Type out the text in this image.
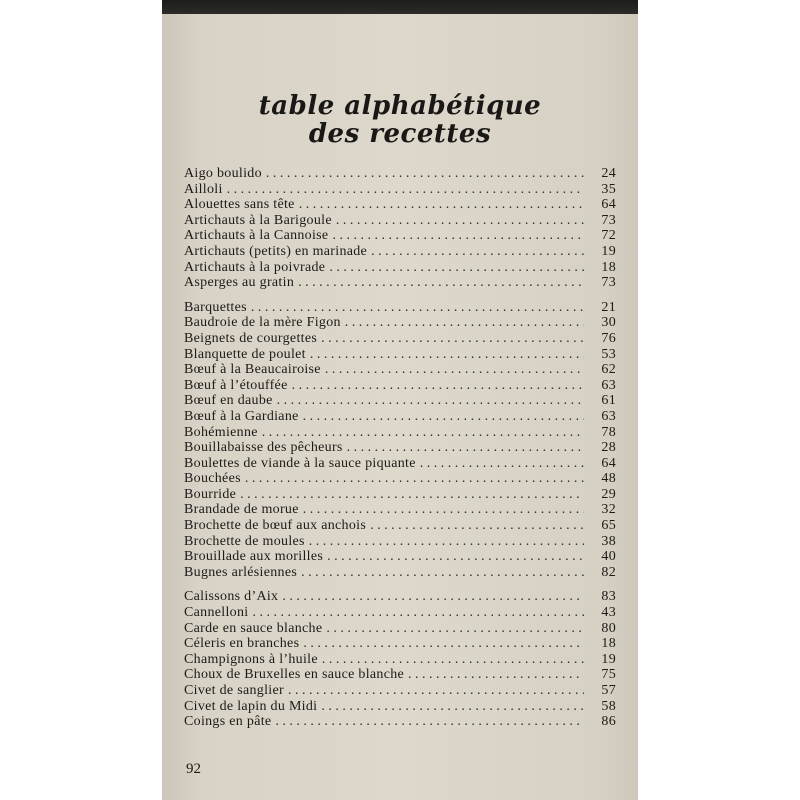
table alphabétique
des recettes
Aigo boulido . . .	24
Ailloli . . .	35
Alouettes sans tête . . .	64
Artichauts à la Barigoule . . .	73
Artichauts à la Cannoise . . .	72
Artichauts (petits) en marinade . . .	19
Artichauts à la poivrade . . .	18
Asperges au gratin . . .	73
Barquettes . . .	21
Baudroie de la mère Figon . . .	30
Beignets de courgettes . . .	76
Blanquette de poulet . . .	53
Bœuf à la Beaucairoise . . .	62
Bœuf à l’étouffée . . .	63
Bœuf en daube . . .	61
Bœuf à la Gardiane . . .	63
Bohémienne . . .	78
Bouillabaisse des pêcheurs . . .	28
Boulettes de viande à la sauce piquante . . .	64
Bouchées . . .	48
Bourride . . .	29
Brandade de morue . . .	32
Brochette de bœuf aux anchois . . .	65
Brochette de moules . . .	38
Brouillade aux morilles . . .	40
Bugnes arlésiennes . . .	82
Calissons d’Aix . . .	83
Cannelloni . . .	43
Carde en sauce blanche . . .	80
Céleris en branches . . .	18
Champignons à l’huile . . .	19
Choux de Bruxelles en sauce blanche . . .	75
Civet de sanglier . . .	57
Civet de lapin du Midi . . .	58
Coings en pâte . . .	86
92
